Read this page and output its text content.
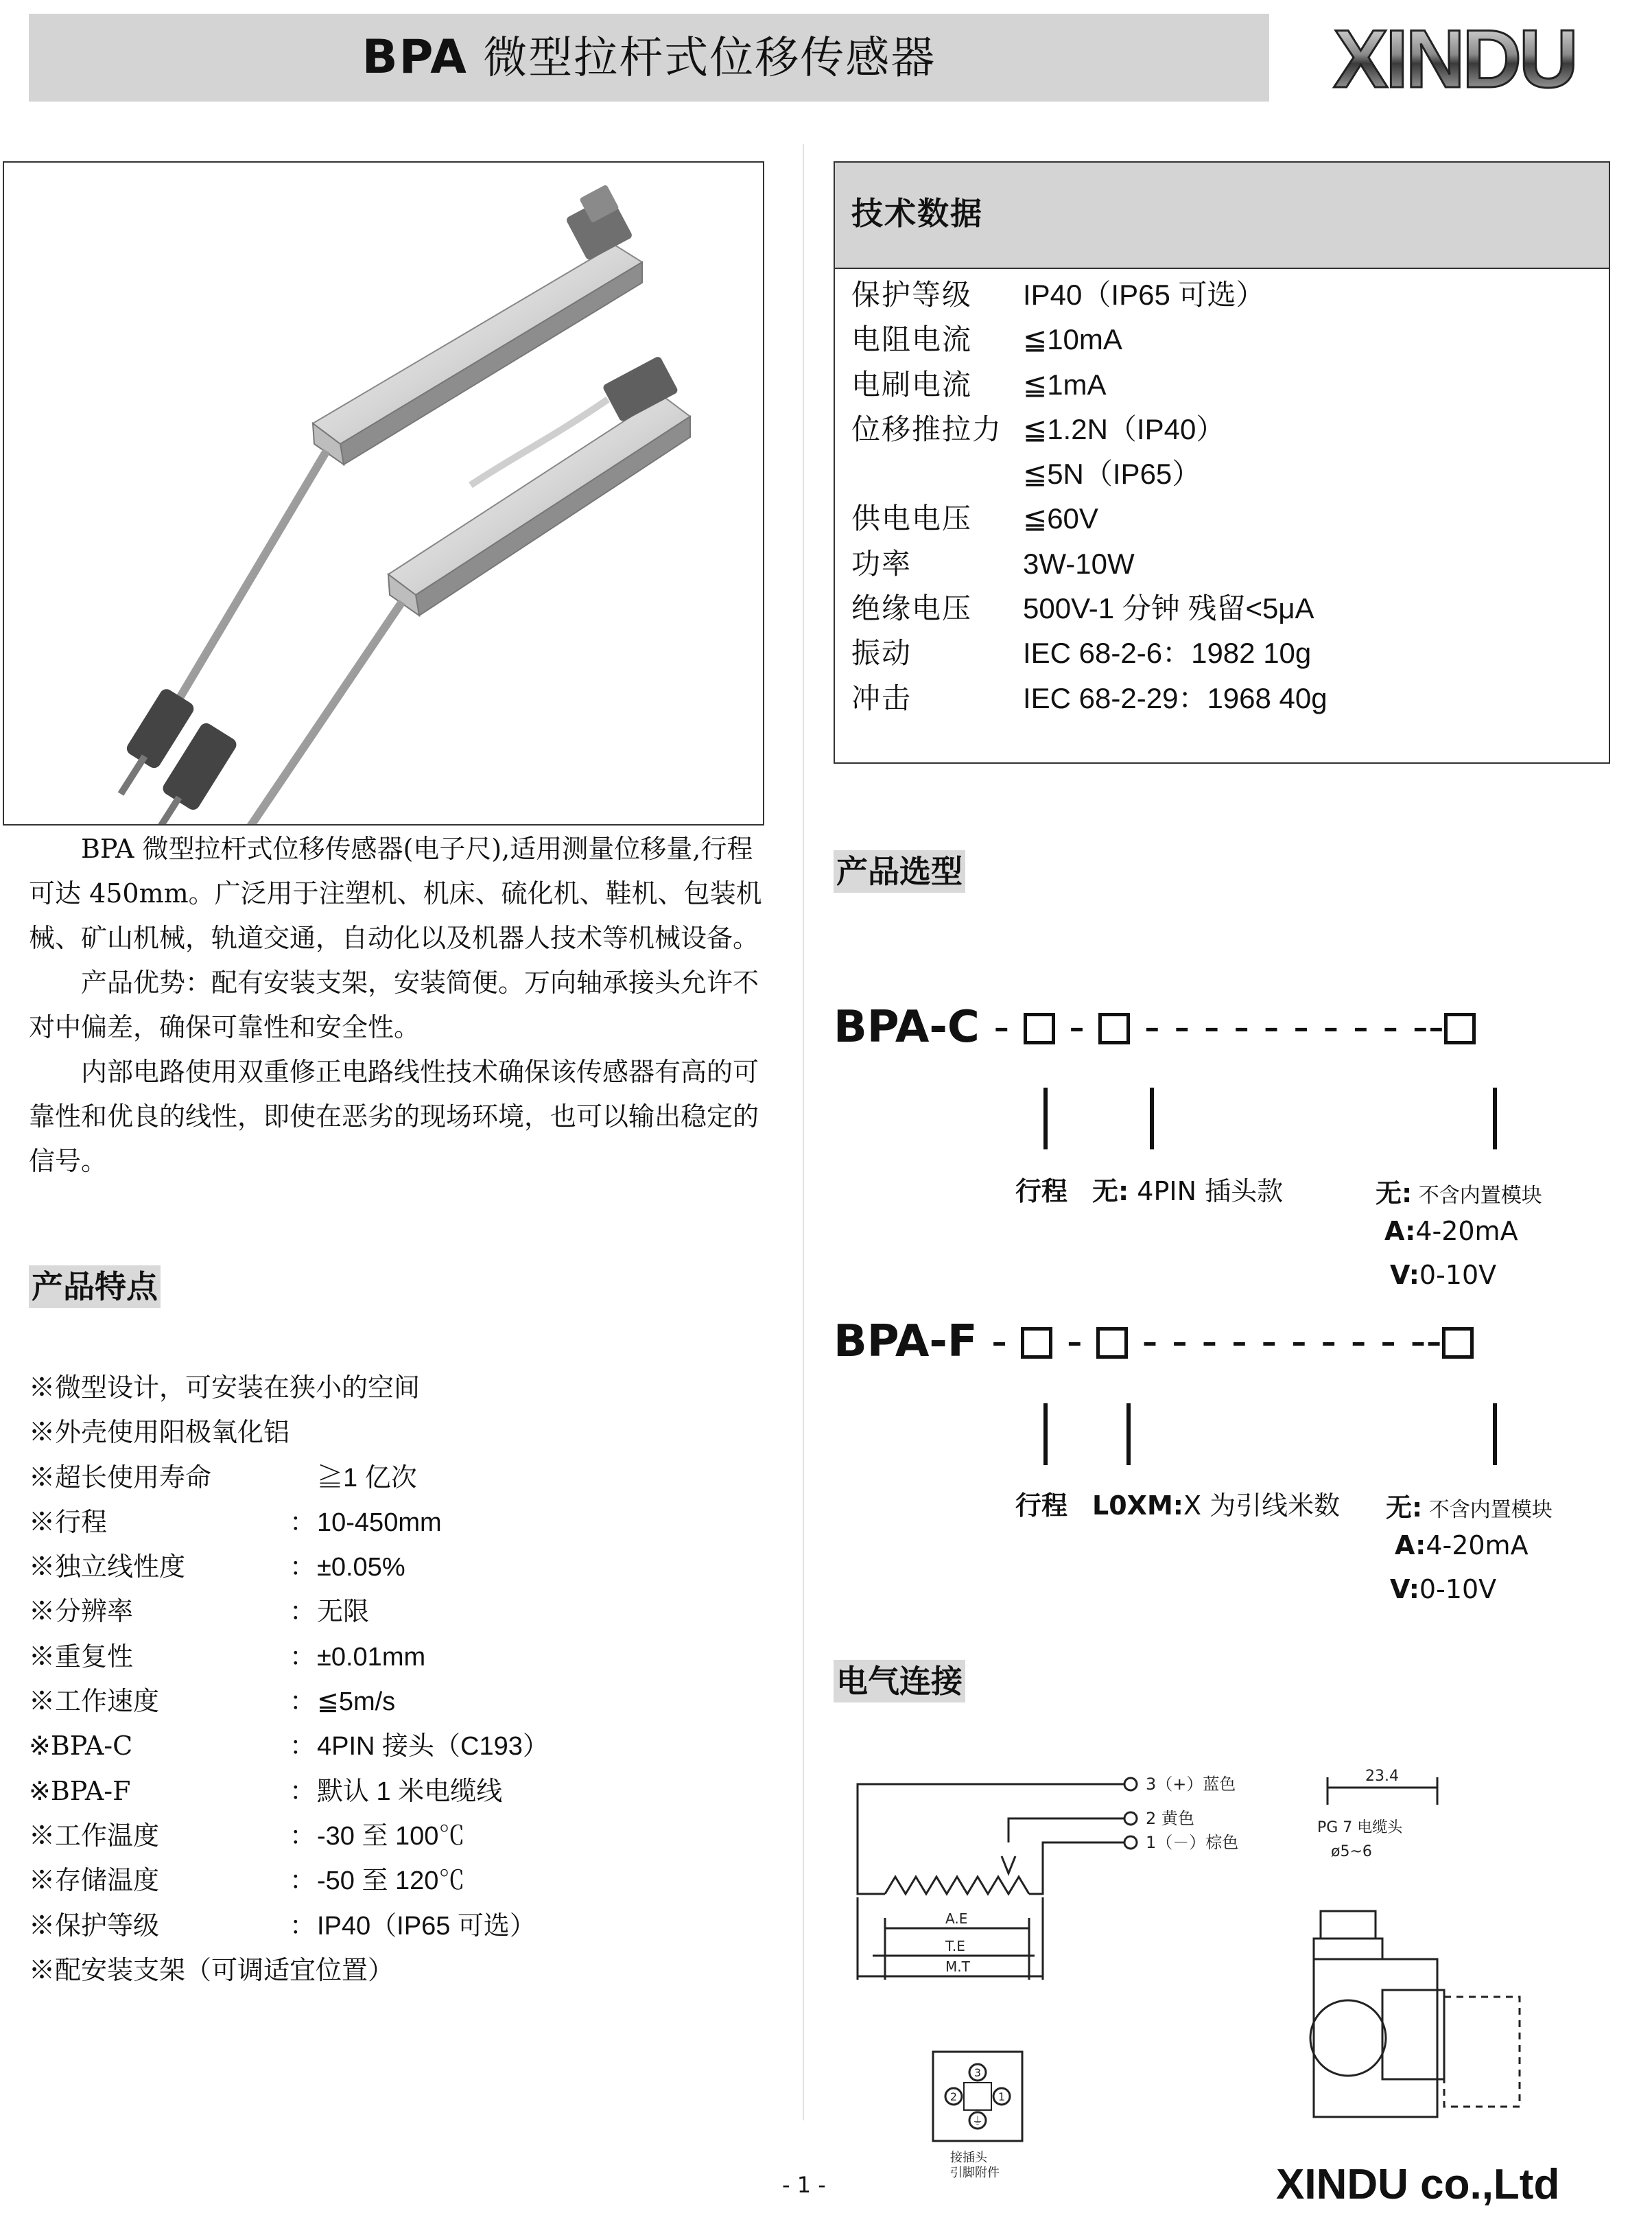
BPA 微型拉杆式位移传感器	XINDU

BPA 微型拉杆式位移传感器(电子尺),适用测量位移量,行程可达 450mm。广泛用于注塑机、机床、硫化机、鞋机、包装机械、矿山机械，轨道交通，自动化以及机器人技术等机械设备。

产品优势：配有安装支架，安装简便。万向轴承接头允许不对中偏差，确保可靠性和安全性。

内部电路使用双重修正电路线性技术确保该传感器有高的可靠性和优良的线性，即使在恶劣的现场环境，也可以输出稳定的信号。

产品特点
※微型设计，可安装在狭小的空间
※外壳使用阳极氧化铝
※超长使用寿命	≧1 亿次
※行程	：10-450mm
※独立线性度	：±0.05%
※分辨率	：无限
※重复性	：±0.01mm
※工作速度	：≦5m/s
※BPA-C	：4PIN 接头（C193）
※BPA-F	：默认 1 米电缆线
※工作温度	：-30 至 100℃
※存储温度	：-50 至 120℃
※保护等级	：IP40（IP65 可选）
※配安装支架（可调适宜位置）
技术数据
保护等级 IP40（IP65 可选）
电阻电流 ≦10mA
电刷电流 ≦1mA
位移推拉力 ≦1.2N（IP40）
≦5N（IP65）
供电电压 ≦60V
功率	3W-10W
绝缘电压 500V-1 分钟 残留<5μA
振动	IEC 68-2-6：1982 10g
冲击	IEC 68-2-29：1968 40g
产品选型
BPA-C -  -  - - - - - - - - - --
行程 无: 4PIN 插头款	无: 不含内置模块
A:4-20mA
V:0-10V
BPA-F -  -  - - - - - - - - - --
行程 L0XM:X 为引线米数 无: 不含内置模块
A:4-20mA
V:0-10V
电气连接
3（+）蓝色
2 黄色
1（－）棕色
A.E
T.E
M.T
23.4
PG 7 电缆头
ø5~6
3
2	1
⏚
接插头
引脚附件
- 1 -	XINDU co.,Ltd
